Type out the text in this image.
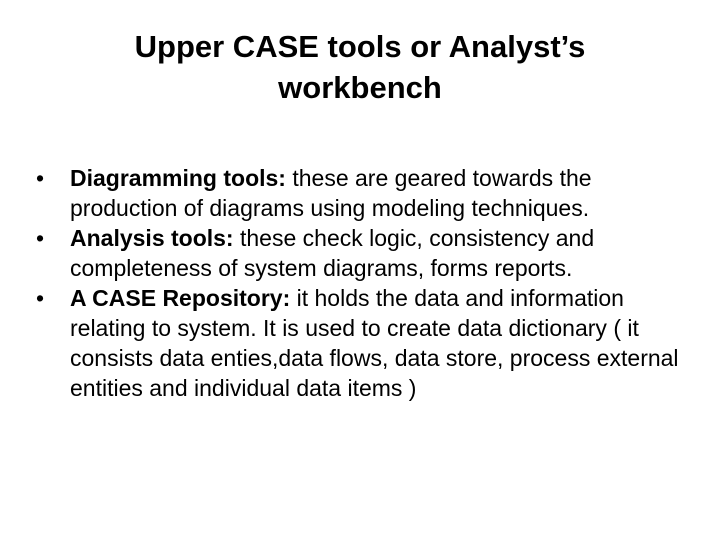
Upper CASE tools or Analyst’s
workbench
• Diagramming tools: these are geared towards the production of diagrams using modeling techniques.
• Analysis tools: these check logic, consistency and completeness of system diagrams, forms reports.
• A CASE Repository: it holds the data and information relating to system. It is used to create data dictionary ( it consists data enties,data flows, data store, process external entities and individual data items )
